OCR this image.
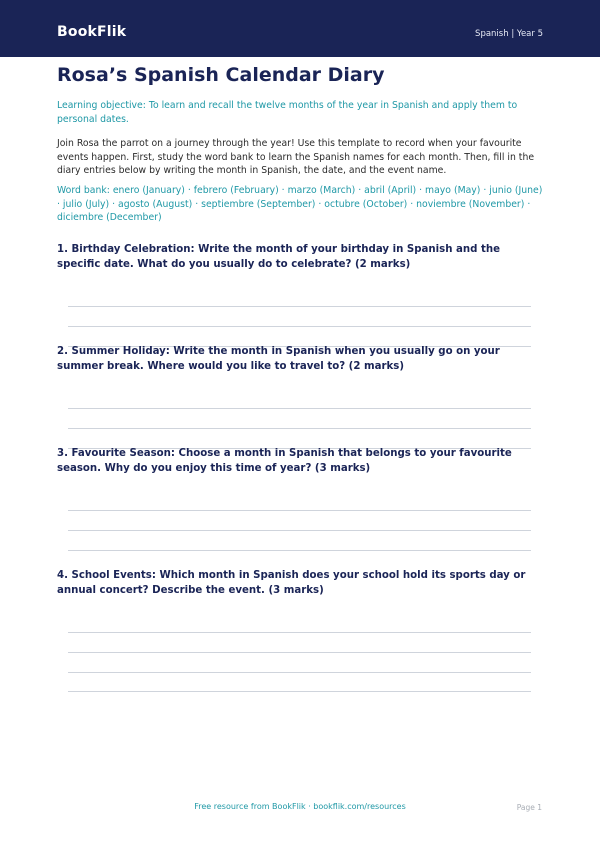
BookFlik	Spanish | Year 5
Rosa’s Spanish Calendar Diary
Learning objective: To learn and recall the twelve months of the year in Spanish and apply them to personal dates.
Join Rosa the parrot on a journey through the year! Use this template to record when your favourite events happen. First, study the word bank to learn the Spanish names for each month. Then, fill in the diary entries below by writing the month in Spanish, the date, and the event name.
Word bank: enero (January) · febrero (February) · marzo (March) · abril (April) · mayo (May) · junio (June) · julio (July) · agosto (August) · septiembre (September) · octubre (October) · noviembre (November) · diciembre (December)
1. Birthday Celebration: Write the month of your birthday in Spanish and the specific date. What do you usually do to celebrate? (2 marks)
2. Summer Holiday: Write the month in Spanish when you usually go on your summer break. Where would you like to travel to? (2 marks)
3. Favourite Season: Choose a month in Spanish that belongs to your favourite season. Why do you enjoy this time of year? (3 marks)
4. School Events: Which month in Spanish does your school hold its sports day or annual concert? Describe the event. (3 marks)
Free resource from BookFlik · bookflik.com/resources	Page 1
